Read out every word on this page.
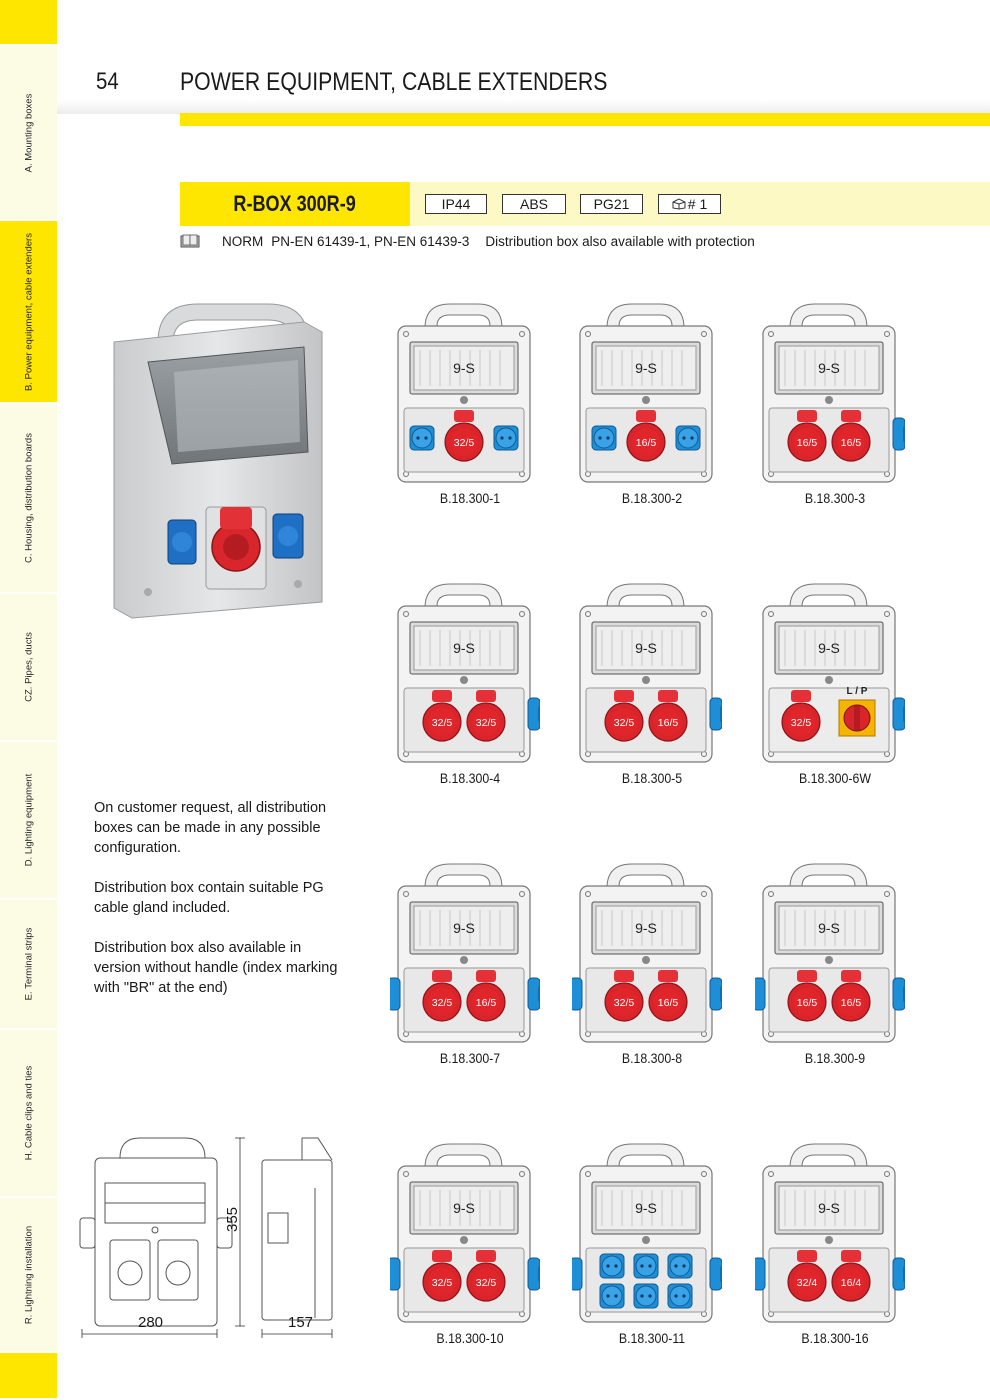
A. Mounting boxes
B. Power equipment, cable extenders
C. Housing, distribution boards
CZ. Pipes, ducts
D. Lighting equipment
E. Terminal strips
H. Cable clips and ties
R. Lightning installation
54 POWER EQUIPMENT, CABLE EXTENDERS
R-BOX 300R-9	IP44	ABS	PG21	# 1
NORM PN-EN 61439-1, PN-EN 61439-3 Distribution box also available with protection
9-S
32/5
B.18.300-1
9-S
16/5
B.18.300-2
9-S
16/5 16/5
B.18.300-3
9-S
32/5 32/5
B.18.300-4
9-S
32/5 16/5
B.18.300-5
9-S
32/5
L / P
B.18.300-6W
9-S
32/5 16/5
B.18.300-7
9-S
32/5 16/5
B.18.300-8
9-S
16/5 16/5
B.18.300-9
9-S
32/5 32/5
B.18.300-10
9-S
B.18.300-11
9-S
32/4 16/4
B.18.300-16

On customer request, all distribution boxes can be made in any possible configuration.

Distribution box contain suitable PG cable gland included.

Distribution box also available in version without handle (index marking with "BR" at the end)

355
280	157
